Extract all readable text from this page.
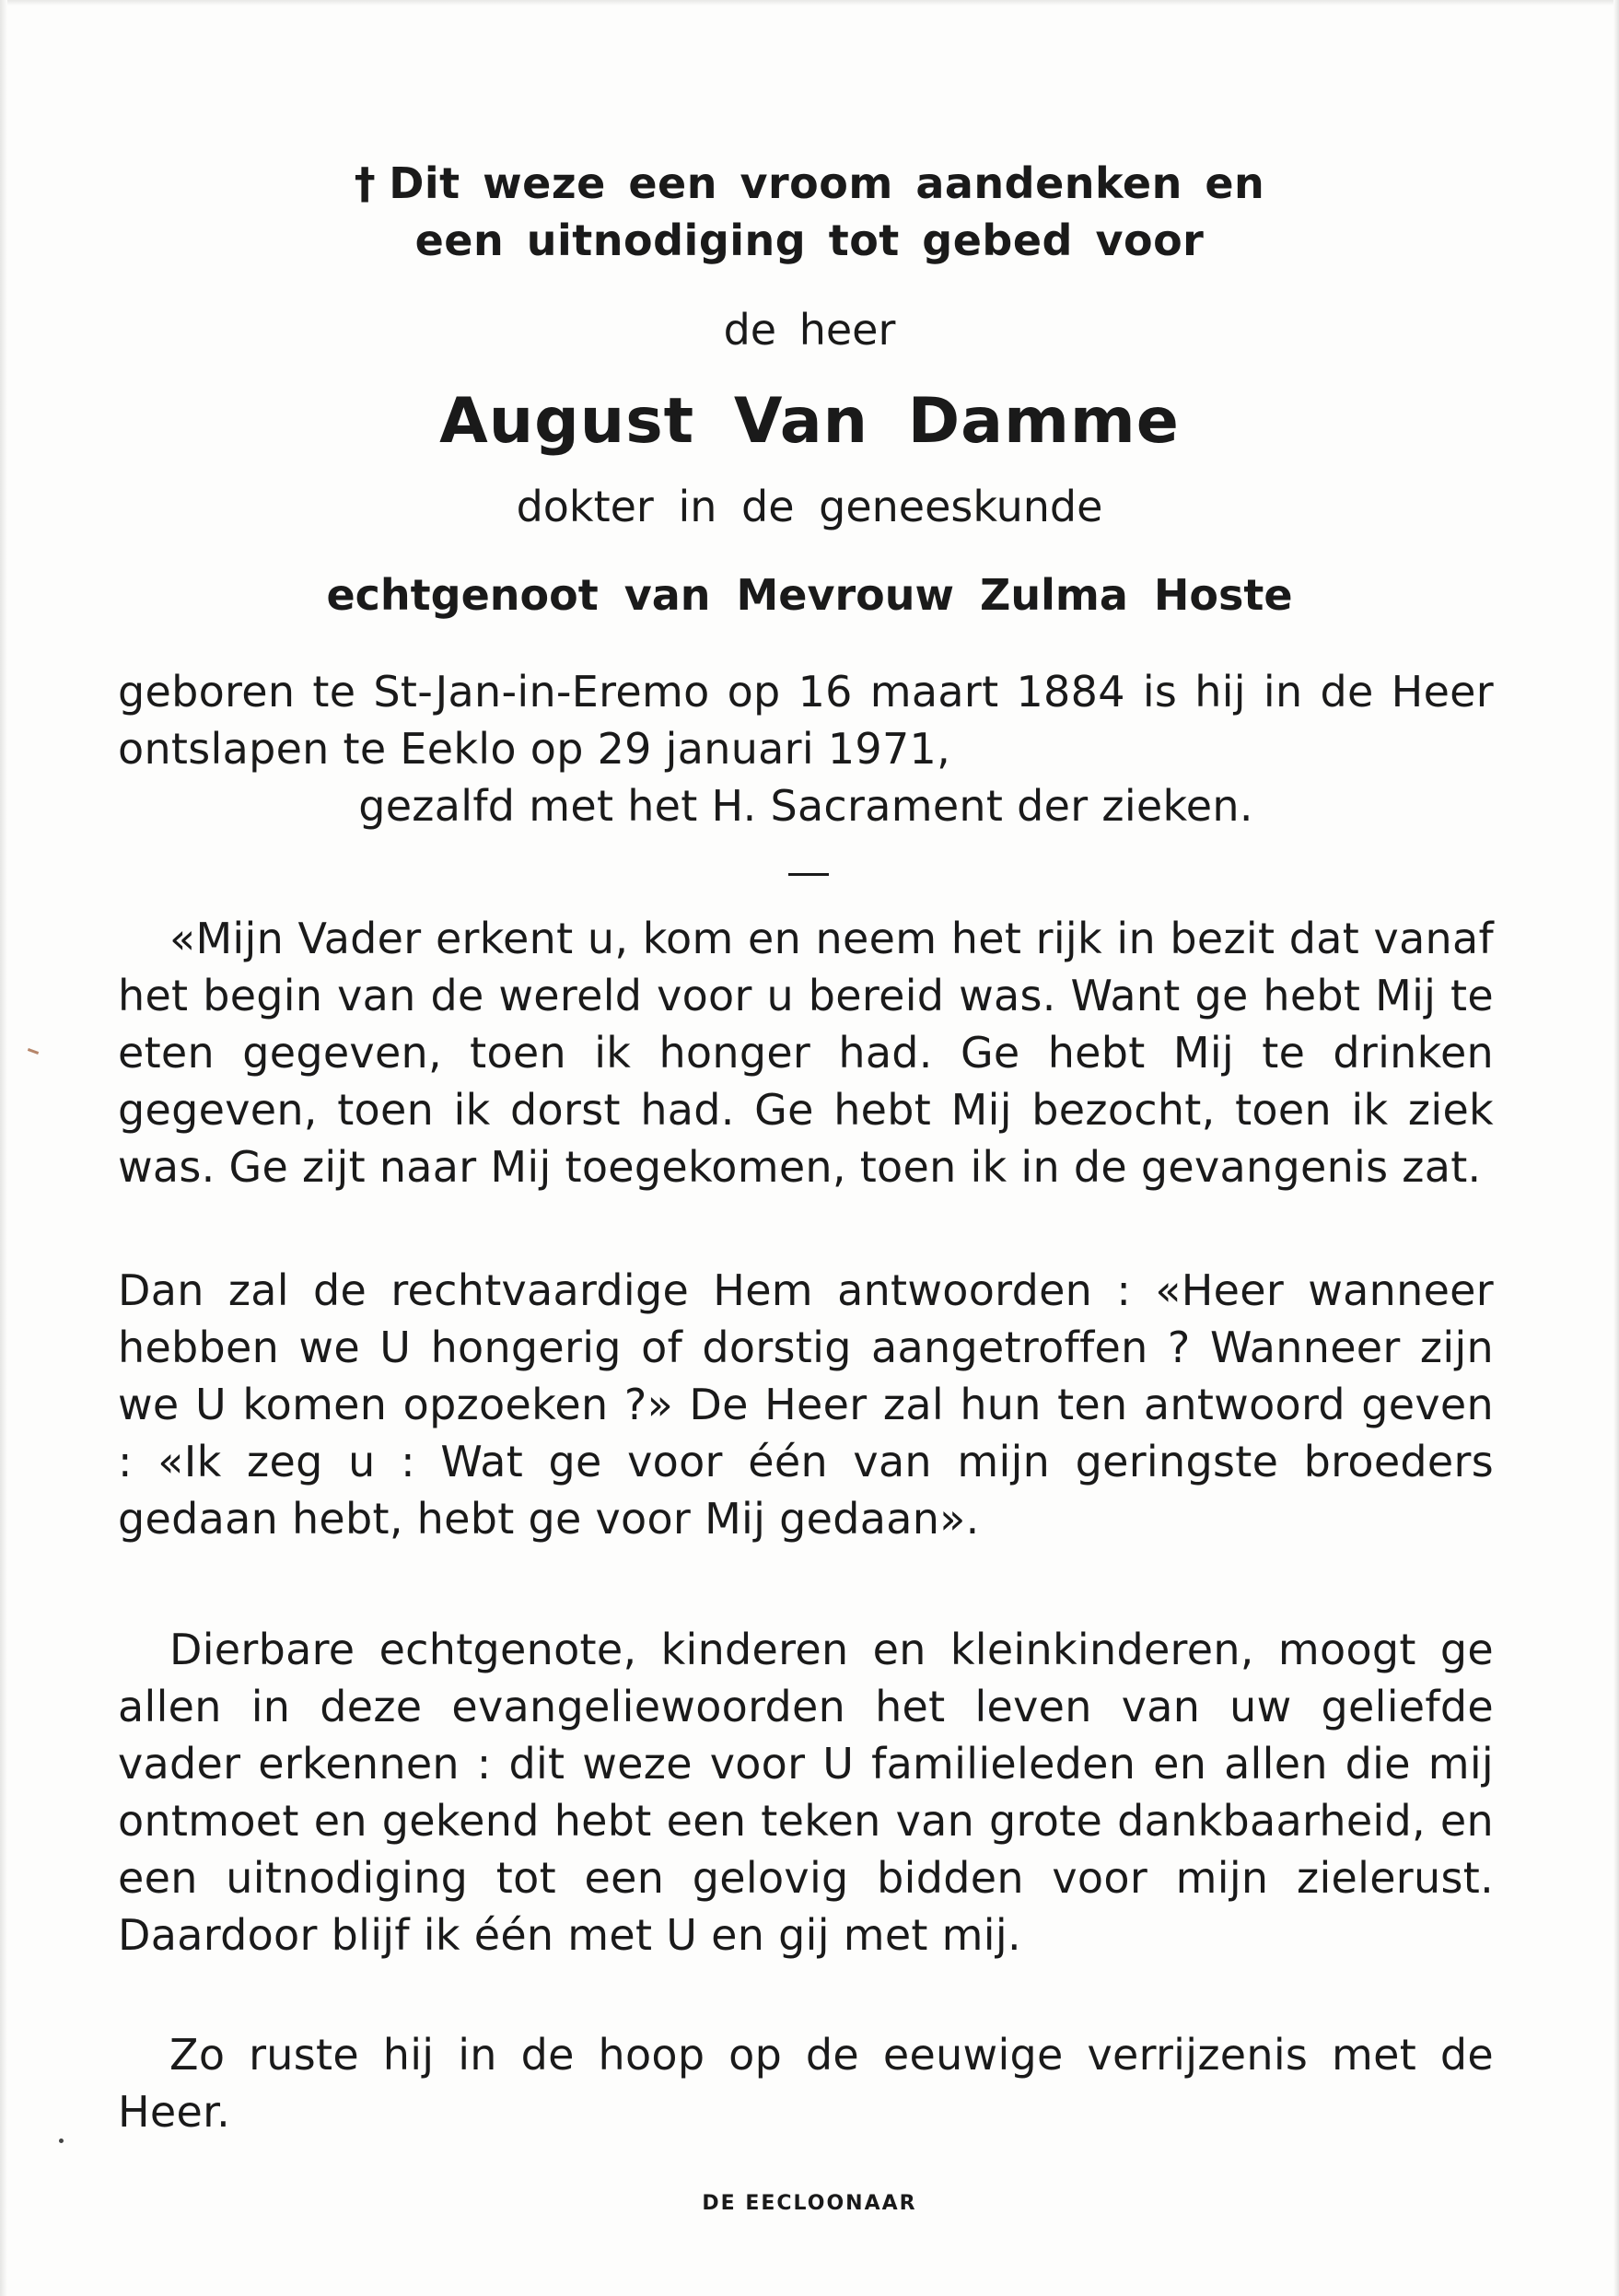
† Dit weze een vroom aandenken en
een uitnodiging tot gebed voor
de heer
August Van Damme
dokter in de geneeskunde
echtgenoot van Mevrouw Zulma Hoste

geboren te St-Jan-in-Eremo op 16 maart 1884 is hij in de Heer ontslapen te Eeklo op 29 januari 1971,

gezalfd met het H. Sacrament der zieken.

«Mijn Vader erkent u, kom en neem het rijk in bezit dat vanaf het begin van de wereld voor u bereid was. Want ge hebt Mij te eten gegeven, toen ik honger had. Ge hebt Mij te drinken gegeven, toen ik dorst had. Ge hebt Mij bezocht, toen ik ziek was. Ge zijt naar Mij toegekomen, toen ik in de gevangenis zat.

Dan zal de rechtvaardige Hem antwoorden : «Heer wanneer hebben we U hongerig of dorstig aangetroffen ? Wanneer zijn we U komen opzoeken ?» De Heer zal hun ten antwoord geven : «Ik zeg u : Wat ge voor één van mijn geringste broeders gedaan hebt, hebt ge voor Mij gedaan».

Dierbare echtgenote, kinderen en kleinkinderen, moogt ge allen in deze evangeliewoorden het leven van uw geliefde vader erkennen : dit weze voor U familieleden en allen die mij ontmoet en gekend hebt een teken van grote dankbaarheid, en een uitnodiging tot een gelovig bidden voor mijn zielerust. Daardoor blijf ik één met U en gij met mij.

Zo ruste hij in de hoop op de eeuwige verrijzenis met de Heer.

DE EECLOONAAR
